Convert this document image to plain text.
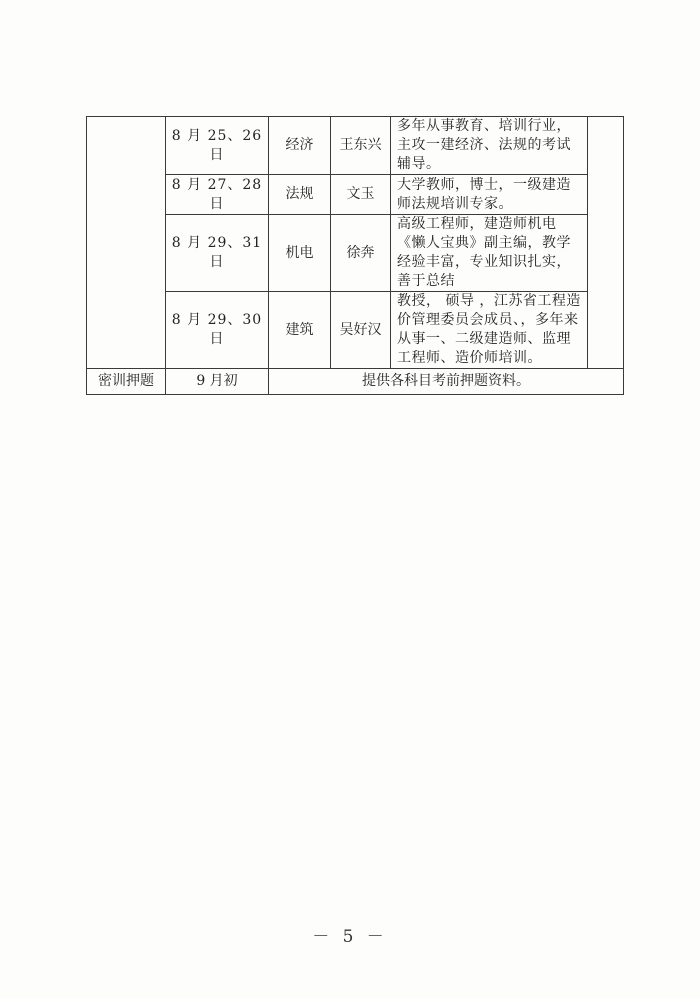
	8 月 25、26 日	经济	王东兴	多年从事教育、培训行业，主攻一建经济、法规的考试辅导。	
	8 月 27、28 日	法规	文玉	大学教师，博士，一级建造师法规培训专家。	
	8 月 29、31 日	机电	徐奔	高级工程师，建造师机电《懒人宝典》副主编，教学经验丰富，专业知识扎实，善于总结	
	8 月 29、30 日	建筑	吴好汉	教授， 硕导 ，江苏省工程造价管理委员会成员、，多年来从事一、二级建造师、监理工程师、造价师培训。	
密训押题	9 月初	提供各科目考前押题资料。			
－ 5 －
